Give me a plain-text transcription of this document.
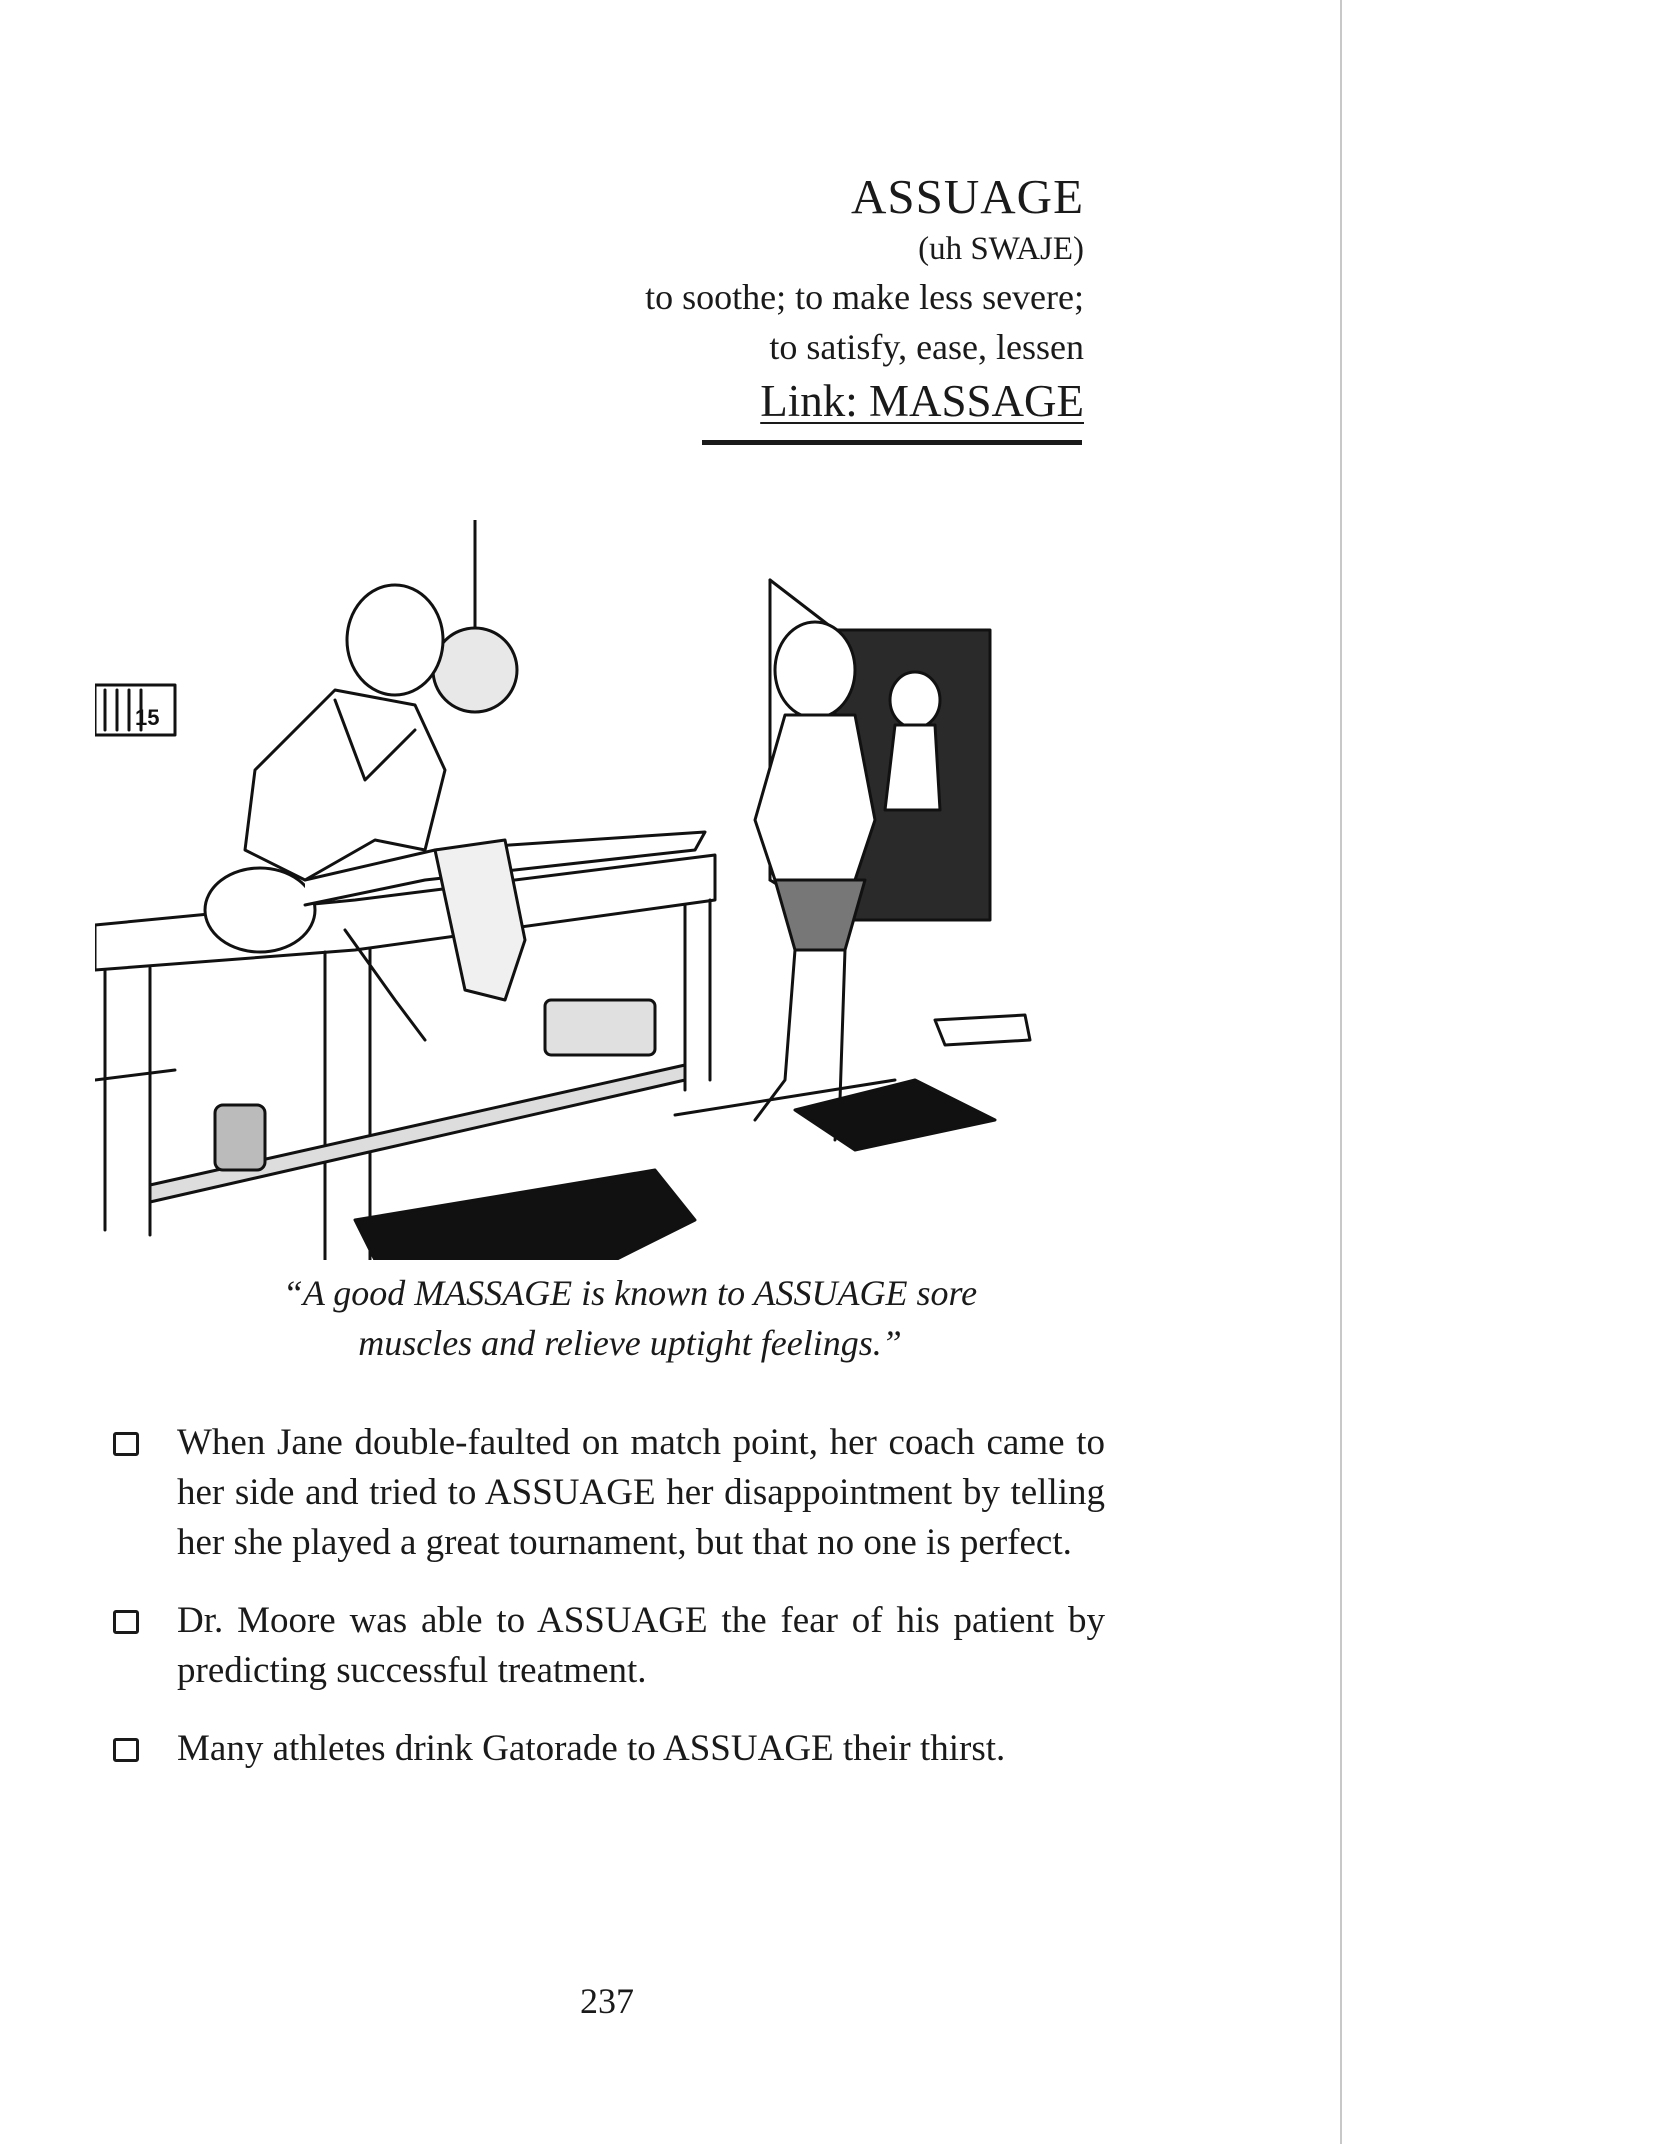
ASSUAGE
(uh SWAJE)
to soothe; to make less severe;
to satisfy, ease, lessen
Link: MASSAGE
15
16
“A good MASSAGE is known to ASSUAGE sore
muscles and relieve uptight feelings.”
When Jane double-faulted on match point, her coach came to her side and tried to ASSUAGE her disappointment by telling her she played a great tournament, but that no one is perfect.
Dr. Moore was able to ASSUAGE the fear of his patient by predicting successful treatment.
Many athletes drink Gatorade to ASSUAGE their thirst.
237
